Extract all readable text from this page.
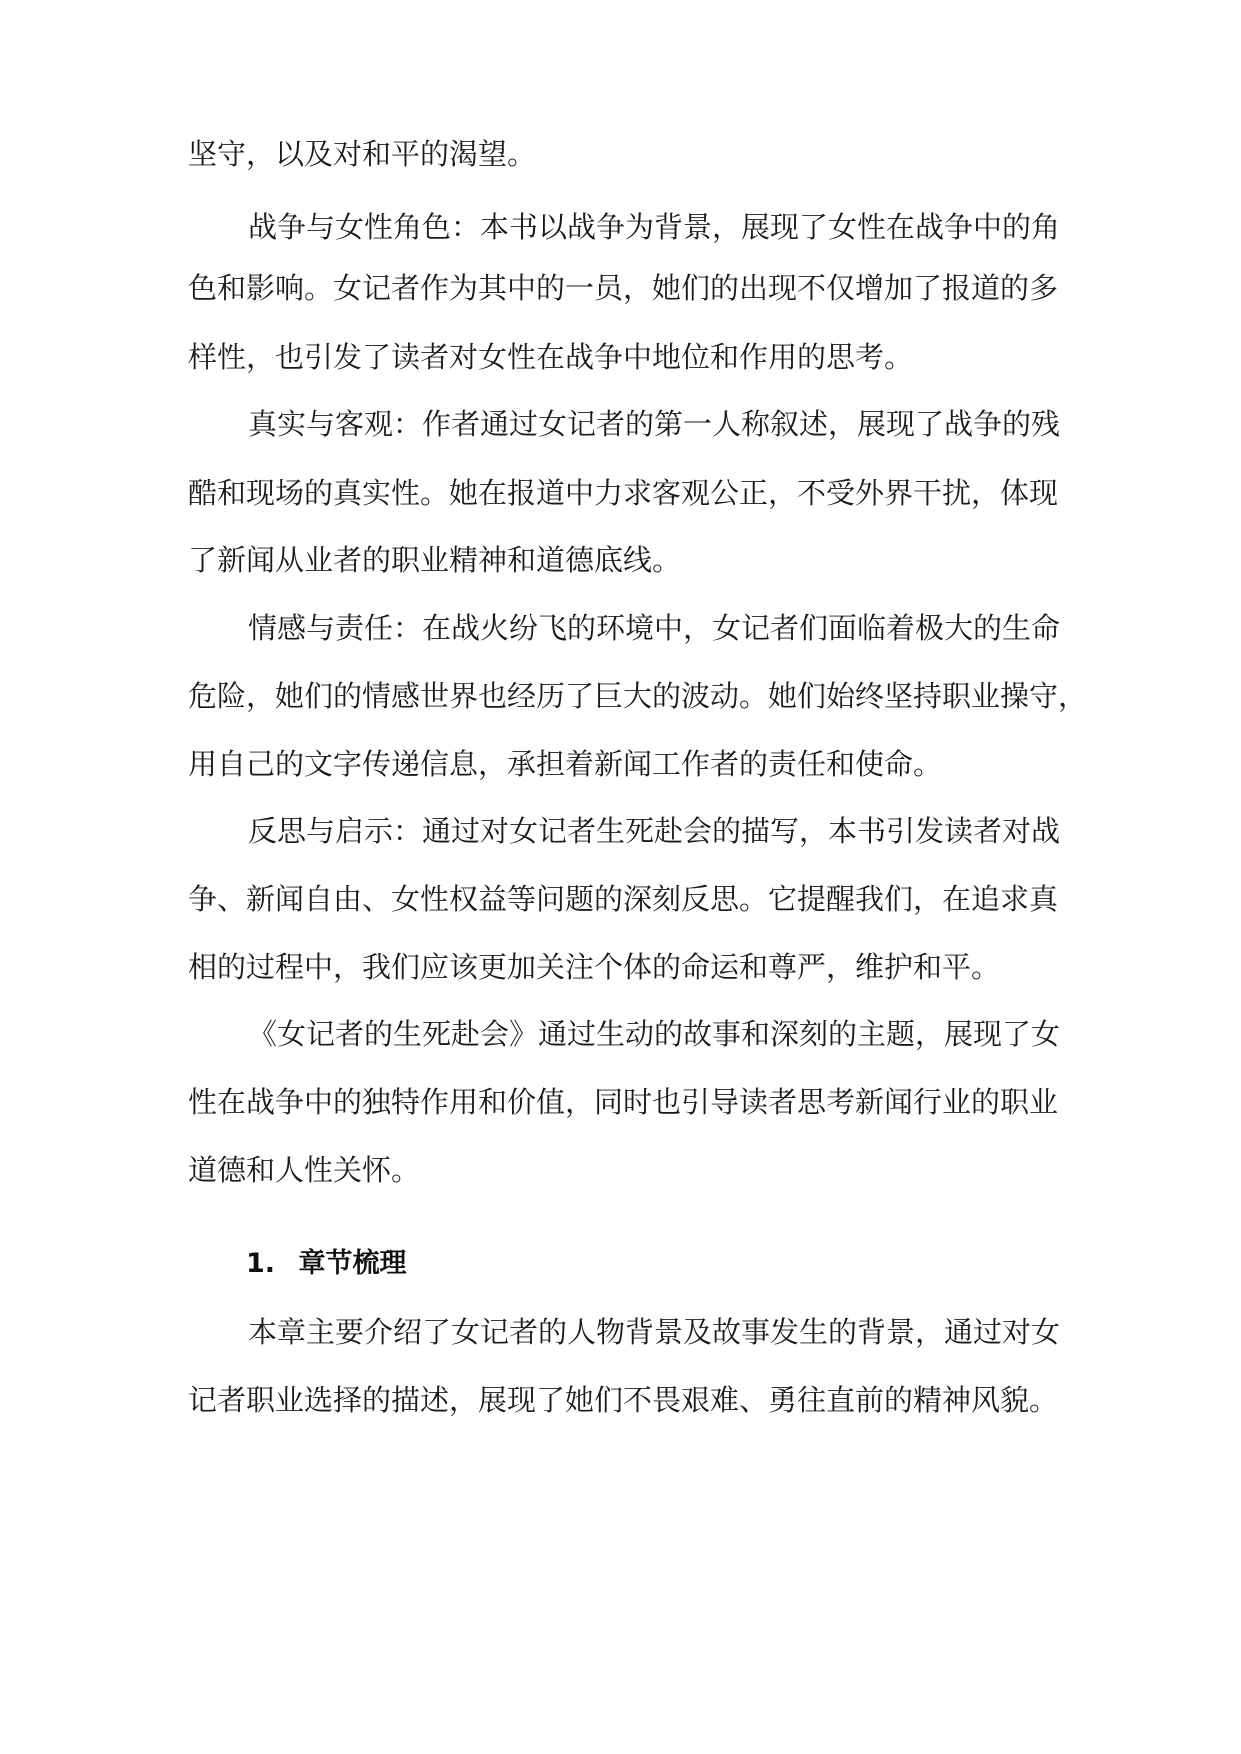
坚守，以及对和平的渴望。

战争与女性角色：本书以战争为背景，展现了女性在战争中的角

色和影响。女记者作为其中的一员，她们的出现不仅增加了报道的多

样性，也引发了读者对女性在战争中地位和作用的思考。

真实与客观：作者通过女记者的第一人称叙述，展现了战争的残

酷和现场的真实性。她在报道中力求客观公正，不受外界干扰，体现

了新闻从业者的职业精神和道德底线。

情感与责任：在战火纷飞的环境中，女记者们面临着极大的生命

危险，她们的情感世界也经历了巨大的波动。她们始终坚持职业操守，

用自己的文字传递信息，承担着新闻工作者的责任和使命。

反思与启示：通过对女记者生死赴会的描写，本书引发读者对战

争、新闻自由、女性权益等问题的深刻反思。它提醒我们，在追求真

相的过程中，我们应该更加关注个体的命运和尊严，维护和平。

《女记者的生死赴会》通过生动的故事和深刻的主题，展现了女

性在战争中的独特作用和价值，同时也引导读者思考新闻行业的职业

道德和人性关怀。

1. 章节梳理

本章主要介绍了女记者的人物背景及故事发生的背景，通过对女

记者职业选择的描述，展现了她们不畏艰难、勇往直前的精神风貌。
